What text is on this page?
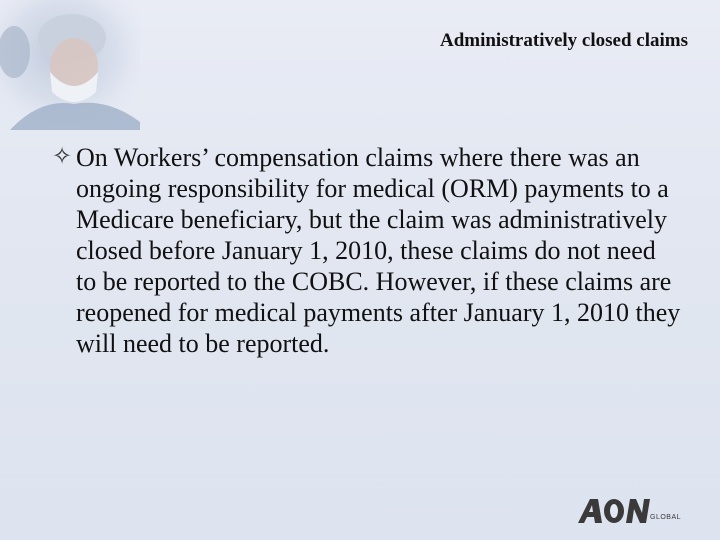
Administratively closed claims
✧ On Workers’ compensation claims where there was an ongoing responsibility for medical (ORM) payments to a Medicare beneficiary, but the claim was administratively closed before January 1, 2010, these claims do not need to be reported to the COBC. However, if these claims are reopened for medical payments after January 1, 2010 they will need to be reported.
GLOBAL
